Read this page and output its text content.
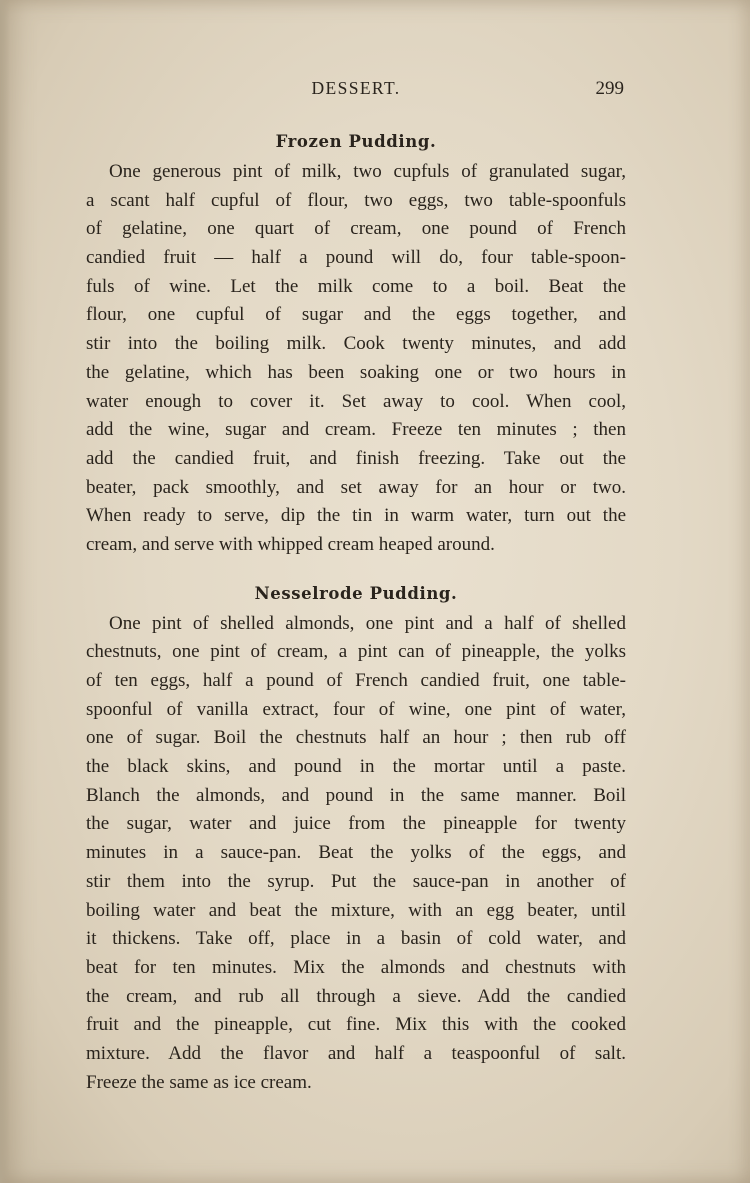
DESSERT.	299
Frozen Pudding.
One generous pint of milk, two cupfuls of granulated sugar,
a scant half cupful of flour, two eggs, two table-spoonfuls
of gelatine, one quart of cream, one pound of French
candied fruit — half a pound will do, four table-spoon-
fuls of wine. Let the milk come to a boil. Beat the
flour, one cupful of sugar and the eggs together, and
stir into the boiling milk. Cook twenty minutes, and add
the gelatine, which has been soaking one or two hours in
water enough to cover it. Set away to cool. When cool,
add the wine, sugar and cream. Freeze ten minutes ; then
add the candied fruit, and finish freezing. Take out the
beater, pack smoothly, and set away for an hour or two.
When ready to serve, dip the tin in warm water, turn out the
cream, and serve with whipped cream heaped around.
Nesselrode Pudding.
One pint of shelled almonds, one pint and a half of shelled
chestnuts, one pint of cream, a pint can of pineapple, the yolks
of ten eggs, half a pound of French candied fruit, one table-
spoonful of vanilla extract, four of wine, one pint of water,
one of sugar. Boil the chestnuts half an hour ; then rub off
the black skins, and pound in the mortar until a paste.
Blanch the almonds, and pound in the same manner. Boil
the sugar, water and juice from the pineapple for twenty
minutes in a sauce-pan. Beat the yolks of the eggs, and
stir them into the syrup. Put the sauce-pan in another of
boiling water and beat the mixture, with an egg beater, until
it thickens. Take off, place in a basin of cold water, and
beat for ten minutes. Mix the almonds and chestnuts with
the cream, and rub all through a sieve. Add the candied
fruit and the pineapple, cut fine. Mix this with the cooked
mixture. Add the flavor and half a teaspoonful of salt.
Freeze the same as ice cream.
